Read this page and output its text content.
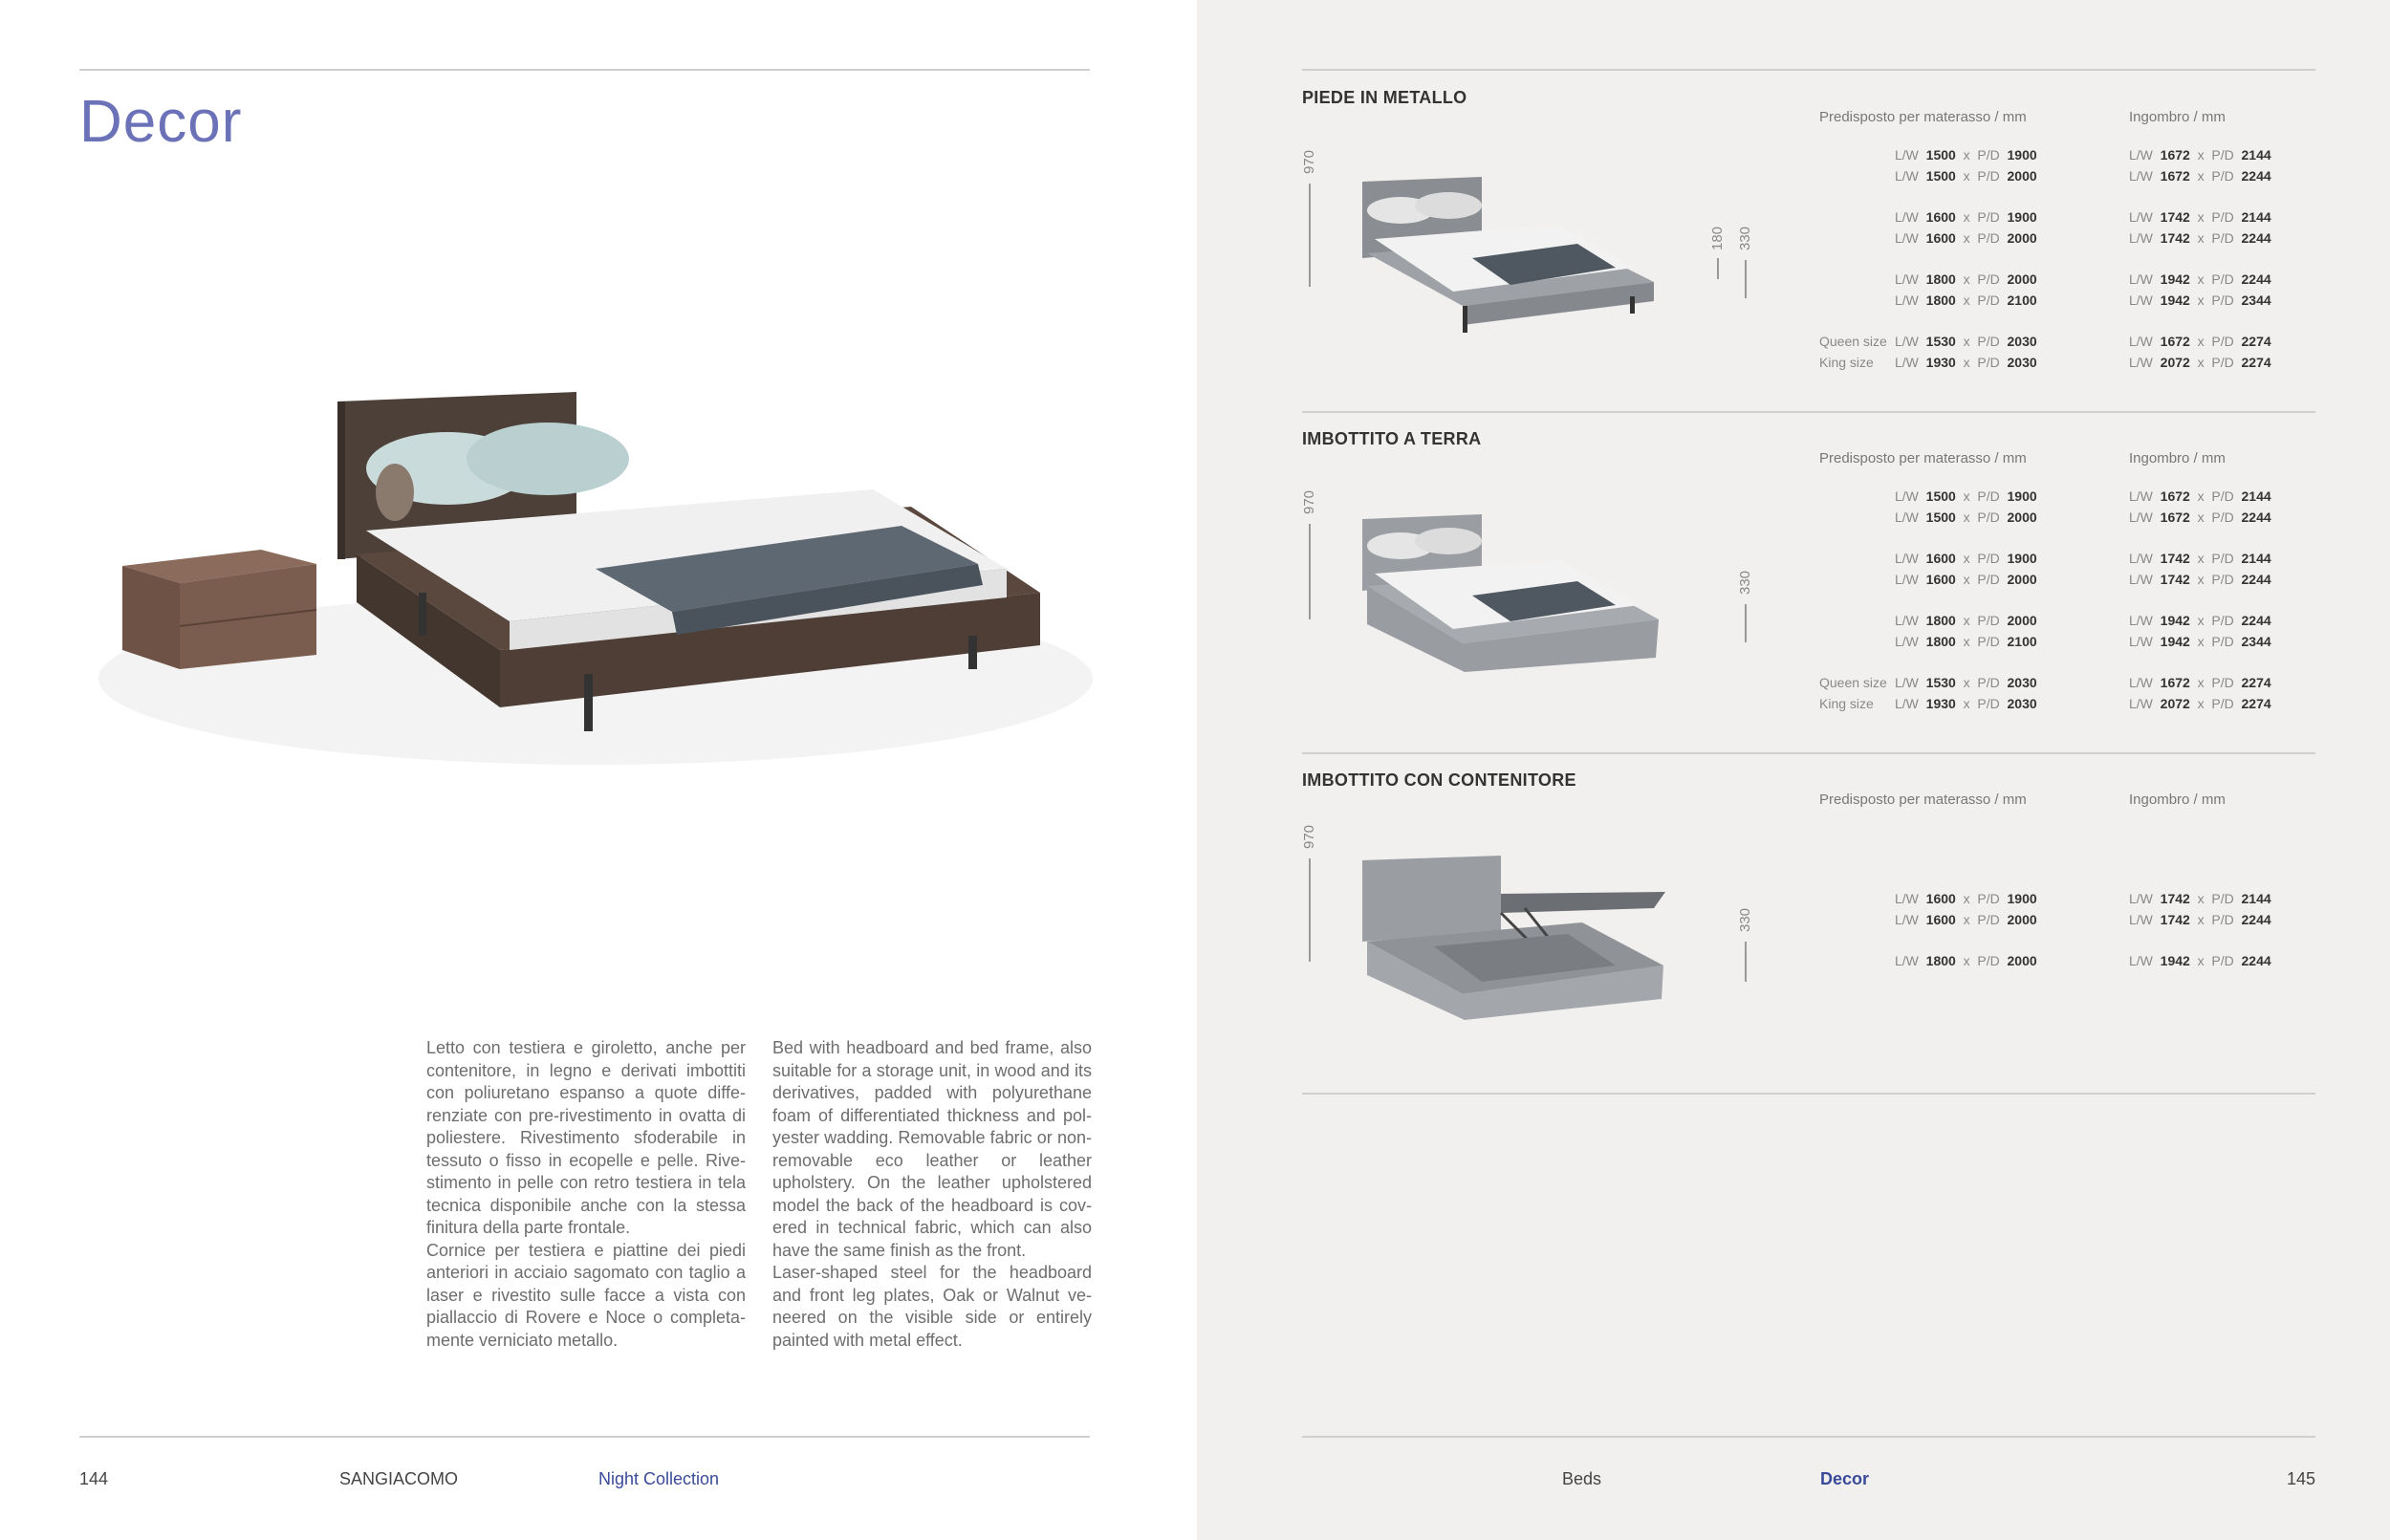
Decor
Letto con testiera e giroletto, anche per contenitore, in legno e derivati imbottiti con poliuretano espanso a quote diffe-renziate con pre-rivestimento in ovatta di poliestere. Rivestimento sfoderabile in tessuto o fisso in ecopelle e pelle. Rive-stimento in pelle con retro testiera in tela tecnica disponibile anche con la stessa finitura della parte frontale.
Cornice per testiera e piattine dei piedi anteriori in acciaio sagomato con taglio a laser e rivestito sulle facce a vista con piallaccio di Rovere e Noce o completa-mente verniciato metallo.
Bed with headboard and bed frame, also suitable for a storage unit, in wood and its derivatives, padded with polyurethane foam of differentiated thickness and pol-yester wadding. Removable fabric or non-removable eco leather or leather upholstery. On the leather upholstered model the back of the headboard is cov-ered in technical fabric, which can also have the same finish as the front.
Laser-shaped steel for the headboard and front leg plates, Oak or Walnut ve-neered on the visible side or entirely painted with metal effect.
144	SANGIACOMO	Night Collection
PIEDE IN METALLO
Predisposto per materasso / mm	Ingombro / mm
970
180 330
L/W  1500  x  P/D  1900	L/W  1672  x  P/D  2144
L/W  1500  x  P/D  2000	L/W  1672  x  P/D  2244
L/W  1600  x  P/D  1900	L/W  1742  x  P/D  2144
L/W  1600  x  P/D  2000	L/W  1742  x  P/D  2244
L/W  1800  x  P/D  2000	L/W  1942  x  P/D  2244
L/W  1800  x  P/D  2100	L/W  1942  x  P/D  2344
Queen size L/W  1530  x  P/D  2030	L/W  1672  x  P/D  2274
King size L/W  1930  x  P/D  2030	L/W  2072  x  P/D  2274
IMBOTTITO A TERRA
Predisposto per materasso / mm	Ingombro / mm
970
330
L/W  1500  x  P/D  1900	L/W  1672  x  P/D  2144
L/W  1500  x  P/D  2000	L/W  1672  x  P/D  2244
L/W  1600  x  P/D  1900	L/W  1742  x  P/D  2144
L/W  1600  x  P/D  2000	L/W  1742  x  P/D  2244
L/W  1800  x  P/D  2000	L/W  1942  x  P/D  2244
L/W  1800  x  P/D  2100	L/W  1942  x  P/D  2344
Queen size L/W  1530  x  P/D  2030	L/W  1672  x  P/D  2274
King size L/W  1930  x  P/D  2030	L/W  2072  x  P/D  2274
IMBOTTITO CON CONTENITORE
Predisposto per materasso / mm	Ingombro / mm
970
330
L/W  1600  x  P/D  1900	L/W  1742  x  P/D  2144
L/W  1600  x  P/D  2000	L/W  1742  x  P/D  2244
L/W  1800  x  P/D  2000	L/W  1942  x  P/D  2244
Beds	Decor	145
